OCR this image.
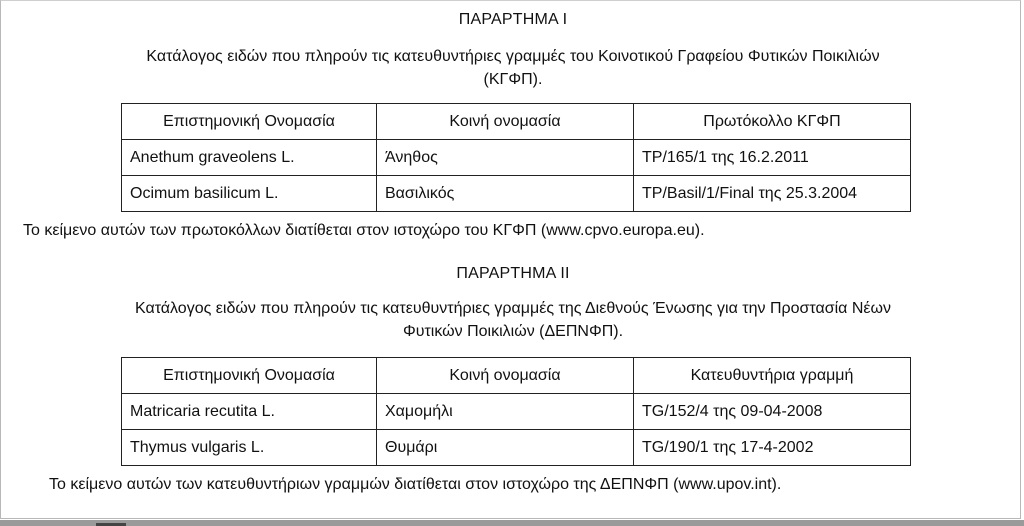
ΠΑΡΑΡΤΗΜΑ Ι
Κατάλογος ειδών που πληρούν τις κατευθυντήριες γραμμές του Κοινοτικού Γραφείου Φυτικών Ποικιλιών
(ΚΓΦΠ).
Επιστημονική Ονομασία	Κοινή ονομασία	Πρωτόκολλο ΚΓΦΠ
Anethum graveolens L.	Άνηθος	TP/165/1 της 16.2.2011
Ocimum basilicum L.	Βασιλικός	TP/Basil/1/Final της 25.3.2004
Το κείμενο αυτών των πρωτοκόλλων διατίθεται στον ιστοχώρο του ΚΓΦΠ (www.cpvo.europa.eu).
ΠΑΡΑΡΤΗΜΑ ΙΙ
Κατάλογος ειδών που πληρούν τις κατευθυντήριες γραμμές της Διεθνούς Ένωσης για την Προστασία Νέων
Φυτικών Ποικιλιών (ΔΕΠΝΦΠ).
Επιστημονική Ονομασία	Κοινή ονομασία	Κατευθυντήρια γραμμή
Matricaria recutita L.	Χαμομήλι	TG/152/4 της 09-04-2008
Thymus vulgaris L.	Θυμάρι	TG/190/1 της 17-4-2002
Το κείμενο αυτών των κατευθυντήριων γραμμών διατίθεται στον ιστοχώρο της ΔΕΠΝΦΠ (www.upov.int).
